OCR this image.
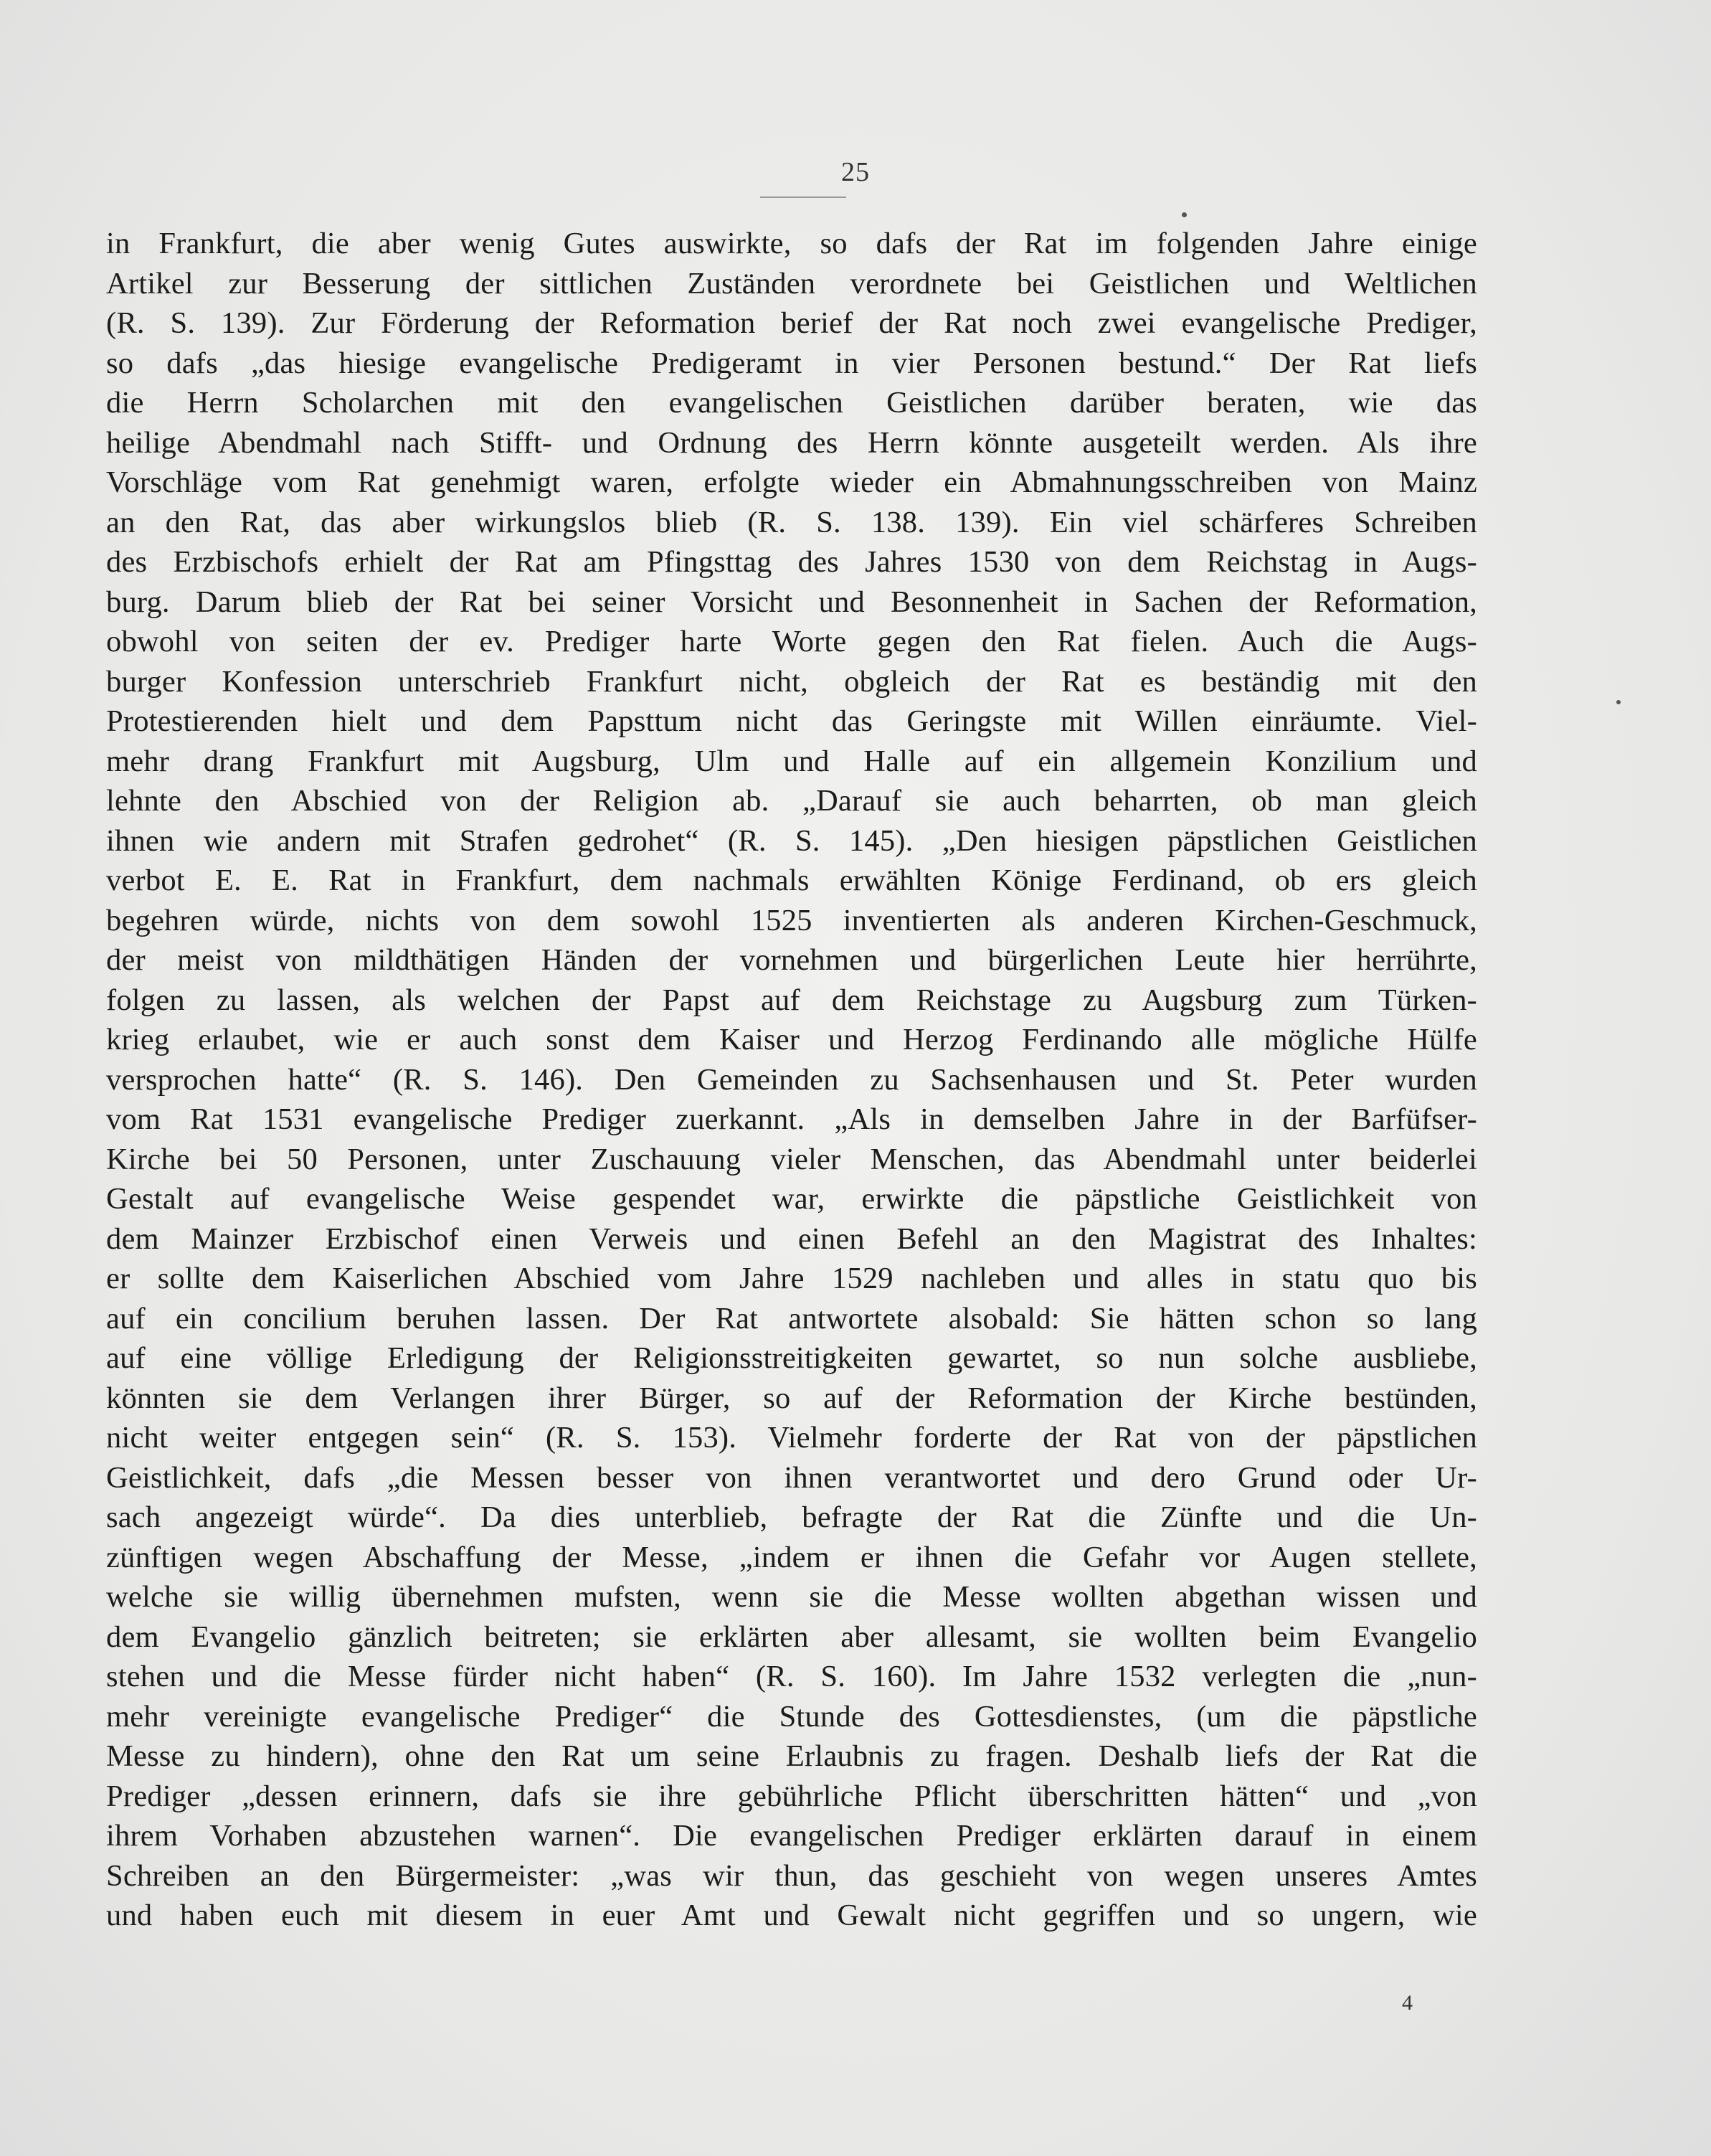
25
in Frankfurt, die aber wenig Gutes auswirkte, so dafs der Rat im folgenden Jahre einige
Artikel zur Besserung der sittlichen Zuständen verordnete bei Geistlichen und Weltlichen
(R. S. 139). Zur Förderung der Reformation berief der Rat noch zwei evangelische Prediger,
so dafs „das hiesige evangelische Predigeramt in vier Personen bestund.“ Der Rat liefs
die Herrn Scholarchen mit den evangelischen Geistlichen darüber beraten, wie das
heilige Abendmahl nach Stifft- und Ordnung des Herrn könnte ausgeteilt werden. Als ihre
Vorschläge vom Rat genehmigt waren, erfolgte wieder ein Abmahnungsschreiben von Mainz
an den Rat, das aber wirkungslos blieb (R. S. 138. 139). Ein viel schärferes Schreiben
des Erzbischofs erhielt der Rat am Pfingsttag des Jahres 1530 von dem Reichstag in Augs-
burg. Darum blieb der Rat bei seiner Vorsicht und Besonnenheit in Sachen der Reformation,
obwohl von seiten der ev. Prediger harte Worte gegen den Rat fielen. Auch die Augs-
burger Konfession unterschrieb Frankfurt nicht, obgleich der Rat es beständig mit den
Protestierenden hielt und dem Papsttum nicht das Geringste mit Willen einräumte. Viel-
mehr drang Frankfurt mit Augsburg, Ulm und Halle auf ein allgemein Konzilium und
lehnte den Abschied von der Religion ab. „Darauf sie auch beharrten, ob man gleich
ihnen wie andern mit Strafen gedrohet“ (R. S. 145). „Den hiesigen päpstlichen Geistlichen
verbot E. E. Rat in Frankfurt, dem nachmals erwählten Könige Ferdinand, ob ers gleich
begehren würde, nichts von dem sowohl 1525 inventierten als anderen Kirchen-Geschmuck,
der meist von mildthätigen Händen der vornehmen und bürgerlichen Leute hier herrührte,
folgen zu lassen, als welchen der Papst auf dem Reichstage zu Augsburg zum Türken-
krieg erlaubet, wie er auch sonst dem Kaiser und Herzog Ferdinando alle mögliche Hülfe
versprochen hatte“ (R. S. 146). Den Gemeinden zu Sachsenhausen und St. Peter wurden
vom Rat 1531 evangelische Prediger zuerkannt. „Als in demselben Jahre in der Barfüfser-
Kirche bei 50 Personen, unter Zuschauung vieler Menschen, das Abendmahl unter beiderlei
Gestalt auf evangelische Weise gespendet war, erwirkte die päpstliche Geistlichkeit von
dem Mainzer Erzbischof einen Verweis und einen Befehl an den Magistrat des Inhaltes:
er sollte dem Kaiserlichen Abschied vom Jahre 1529 nachleben und alles in statu quo bis
auf ein concilium beruhen lassen. Der Rat antwortete alsobald: Sie hätten schon so lang
auf eine völlige Erledigung der Religionsstreitigkeiten gewartet, so nun solche ausbliebe,
könnten sie dem Verlangen ihrer Bürger, so auf der Reformation der Kirche bestünden,
nicht weiter entgegen sein“ (R. S. 153). Vielmehr forderte der Rat von der päpstlichen
Geistlichkeit, dafs „die Messen besser von ihnen verantwortet und dero Grund oder Ur-
sach angezeigt würde“. Da dies unterblieb, befragte der Rat die Zünfte und die Un-
zünftigen wegen Abschaffung der Messe, „indem er ihnen die Gefahr vor Augen stellete,
welche sie willig übernehmen mufsten, wenn sie die Messe wollten abgethan wissen und
dem Evangelio gänzlich beitreten; sie erklärten aber allesamt, sie wollten beim Evangelio
stehen und die Messe fürder nicht haben“ (R. S. 160). Im Jahre 1532 verlegten die „nun-
mehr vereinigte evangelische Prediger“ die Stunde des Gottesdienstes, (um die päpstliche
Messe zu hindern), ohne den Rat um seine Erlaubnis zu fragen. Deshalb liefs der Rat die
Prediger „dessen erinnern, dafs sie ihre gebührliche Pflicht überschritten hätten“ und „von
ihrem Vorhaben abzustehen warnen“. Die evangelischen Prediger erklärten darauf in einem
Schreiben an den Bürgermeister: „was wir thun, das geschieht von wegen unseres Amtes
und haben euch mit diesem in euer Amt und Gewalt nicht gegriffen und so ungern, wie
4
